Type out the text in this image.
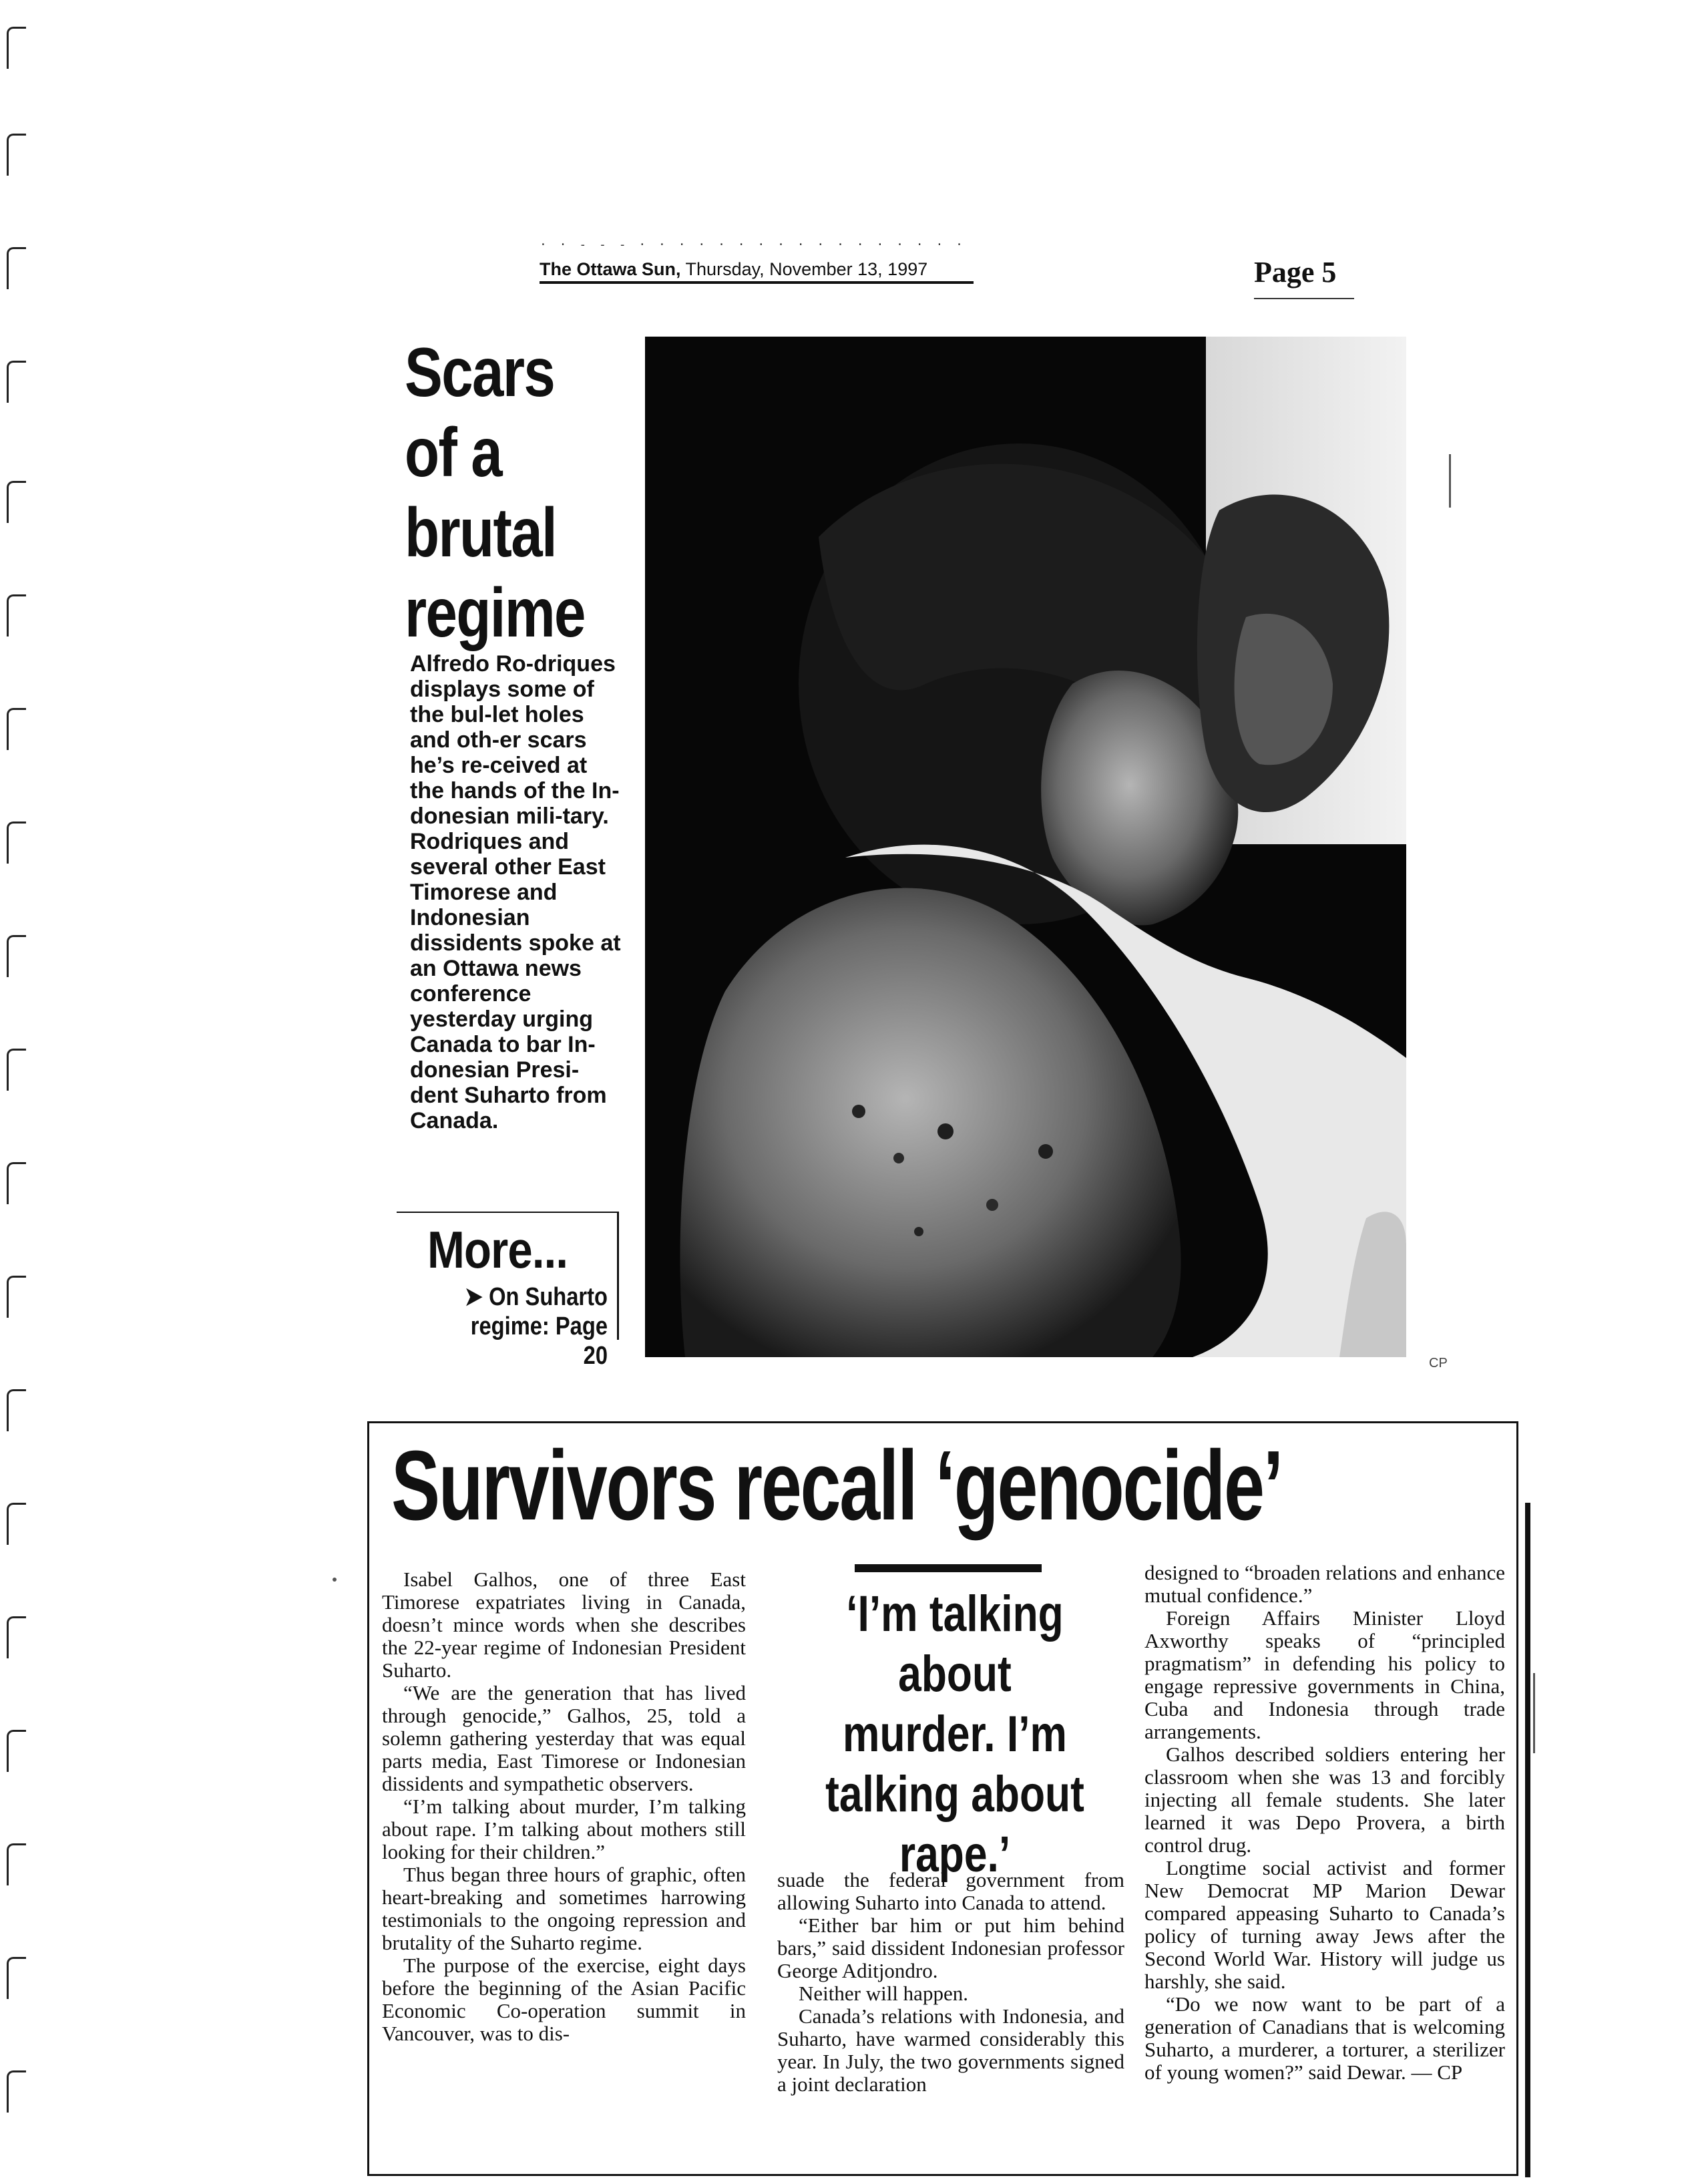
· · - - - · · · · · · · · · · · · · · · · ·
The Ottawa Sun, Thursday, November 13, 1997	Page 5
Scars of a brutal regime
Alfredo Ro-driques displays some of the bul-let holes and oth-er scars he’s re-ceived at the hands of the In-donesian mili-tary. Rodriques and several other East Timorese and Indonesian dissidents spoke at an Ottawa news conference yesterday urging Canada to bar In-donesian Presi-dent Suharto from Canada.
More...
➤ On Suharto regime: Page 20	CP
Survivors recall ‘genocide’

Isabel Galhos, one of three East Timorese expatriates living in Canada, doesn’t mince words when she describes the 22-year regime of Indonesian President Suharto.

“We are the generation that has lived through genocide,” Galhos, 25, told a solemn gathering yesterday that was equal parts media, East Timorese or Indonesian dissidents and sympathetic observers.

“I’m talking about murder, I’m talking about rape. I’m talking about mothers still looking for their children.”

Thus began three hours of graphic, often heart-breaking and sometimes harrowing testimonials to the ongoing repression and brutality of the Suharto regime.

The purpose of the exercise, eight days before the beginning of the Asian Pacific Economic Co-operation summit in Vancouver, was to dis-

‘I’m talking about murder. I’m talking about rape.’

suade the federal government from allowing Suharto into Canada to attend.

“Either bar him or put him behind bars,” said dissident Indonesian professor George Aditjondro.

Neither will happen.

Canada’s relations with Indonesia, and Suharto, have warmed considerably this year. In July, the two governments signed a joint declaration

designed to “broaden relations and enhance mutual confidence.”

Foreign Affairs Minister Lloyd Axworthy speaks of “principled pragmatism” in defending his policy to engage repressive governments in China, Cuba and Indonesia through trade arrangements.

Galhos described soldiers entering her classroom when she was 13 and forcibly injecting all female students. She later learned it was Depo Provera, a birth control drug.

Longtime social activist and former New Democrat MP Marion Dewar compared appeasing Suharto to Canada’s policy of turning away Jews after the Second World War. History will judge us harshly, she said.

“Do we now want to be part of a generation of Canadians that is welcoming Suharto, a murderer, a torturer, a sterilizer of young women?” said Dewar. — CP
